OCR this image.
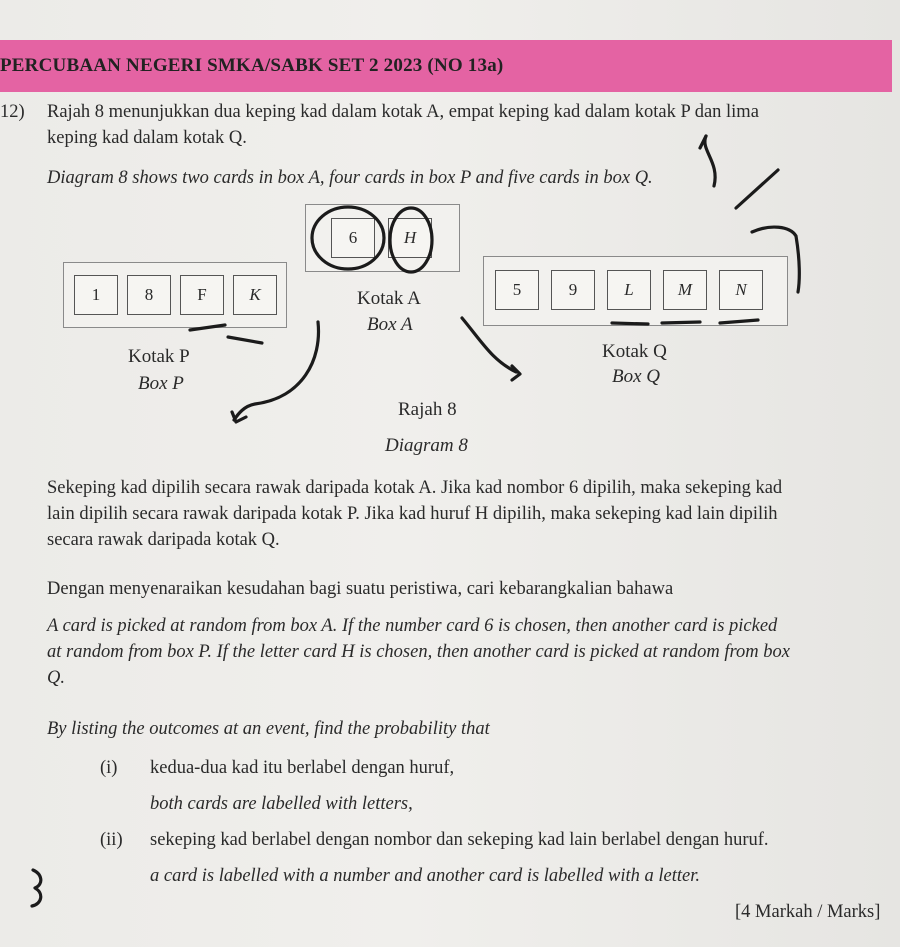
PERCUBAAN NEGERI SMKA/SABK SET 2 2023 (NO 13a)
12) Rajah 8 menunjukkan dua keping kad dalam kotak A, empat keping kad dalam kotak P dan lima
keping kad dalam kotak Q.
Diagram 8 shows two cards in box A, four cards in box P and five cards in box Q.
6	H
1	8	F	K	Kotak A
Box A
5	9	L	M	N
Kotak P
Box P
Kotak Q
Box Q
Rajah 8
Diagram 8
Sekeping kad dipilih secara rawak daripada kotak A. Jika kad nombor 6 dipilih, maka sekeping kad
lain dipilih secara rawak daripada kotak P. Jika kad huruf H dipilih, maka sekeping kad lain dipilih
secara rawak daripada kotak Q.
Dengan menyenaraikan kesudahan bagi suatu peristiwa, cari kebarangkalian bahawa
A card is picked at random from box A. If the number card 6 is chosen, then another card is picked
at random from box P. If the letter card H is chosen, then another card is picked at random from box
Q.
By listing the outcomes at an event, find the probability that
(i) kedua-dua kad itu berlabel dengan huruf,
both cards are labelled with letters,
(ii) sekeping kad berlabel dengan nombor dan sekeping kad lain berlabel dengan huruf.
a card is labelled with a number and another card is labelled with a letter.
[4 Markah / Marks]
